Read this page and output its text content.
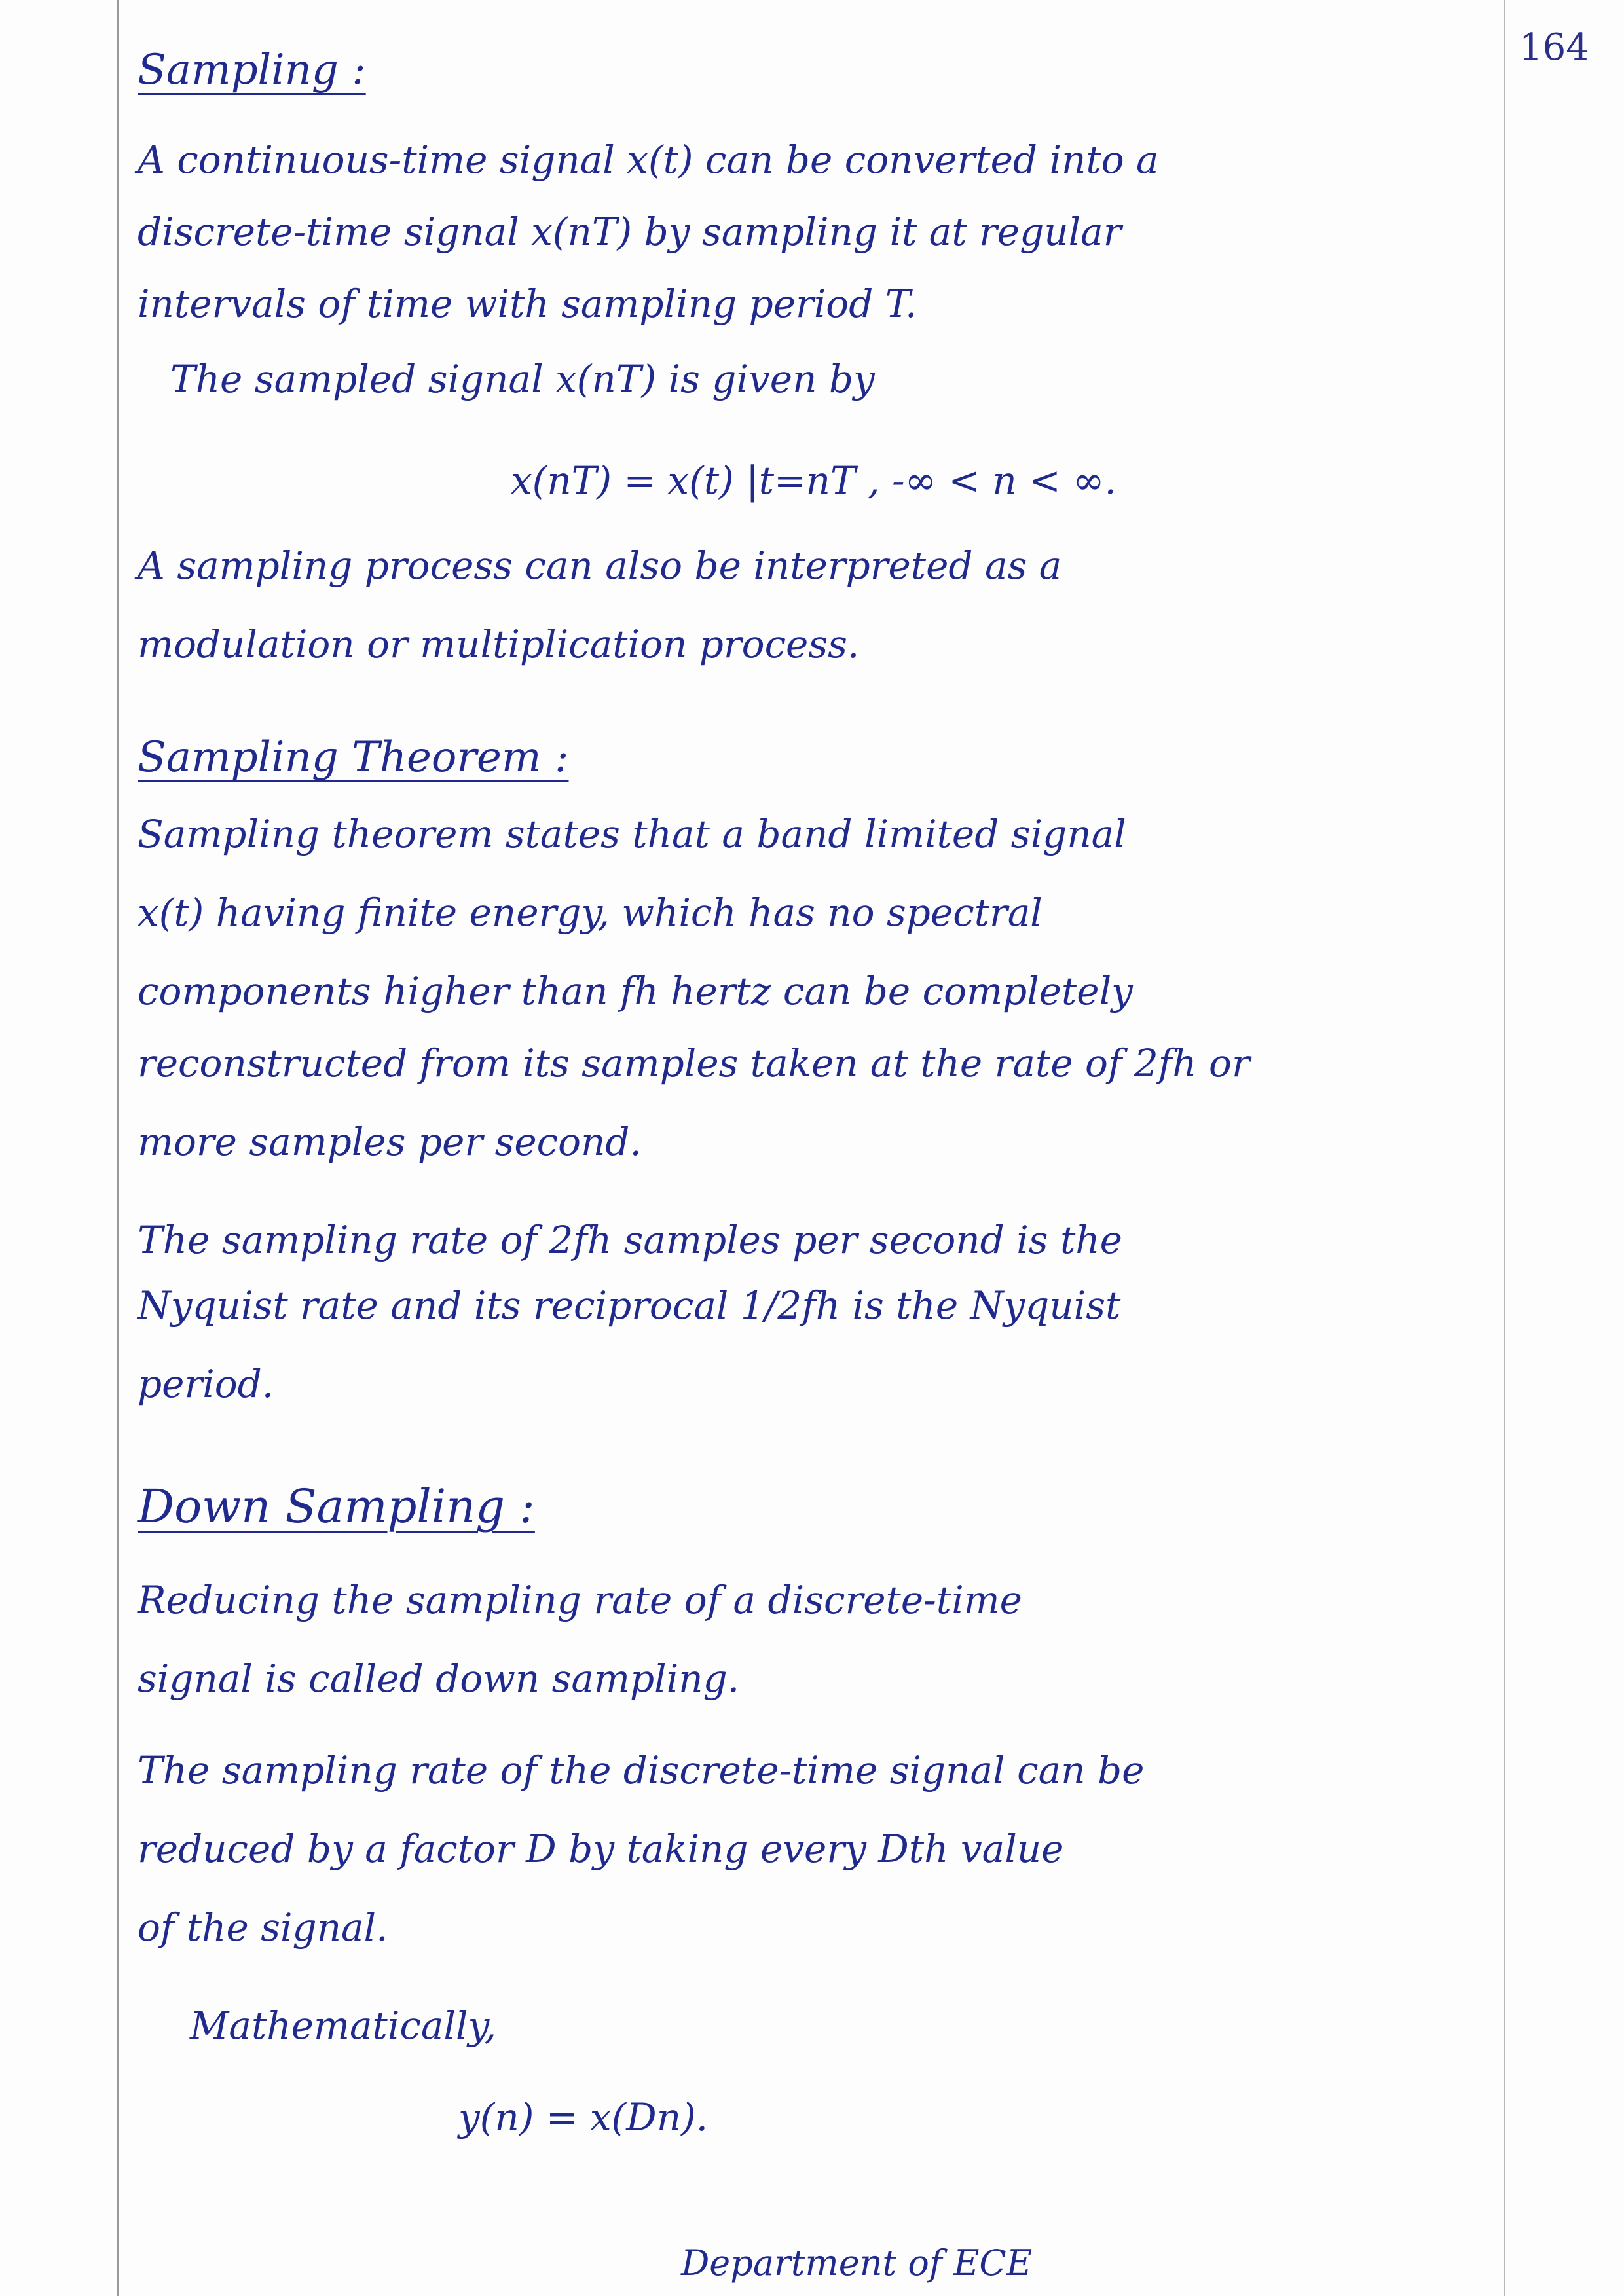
164
Sampling :
A continuous-time signal x(t) can be converted into a
discrete-time signal x(nT) by sampling it at regular
intervals of time with sampling period T.
The sampled signal x(nT) is given by
x(nT) = x(t) |t=nT , -∞ < n < ∞.
A sampling process can also be interpreted as a
modulation or multiplication process.
Sampling Theorem :
Sampling theorem states that a band limited signal
x(t) having finite energy, which has no spectral
components higher than fh hertz can be completely
reconstructed from its samples taken at the rate of 2fh or
more samples per second.
The sampling rate of 2fh samples per second is the
Nyquist rate and its reciprocal 1/2fh is the Nyquist
period.
Down Sampling :
Reducing the sampling rate of a discrete-time
signal is called down sampling.
The sampling rate of the discrete-time signal can be
reduced by a factor D by taking every Dth value
of the signal.
Mathematically,
y(n) = x(Dn).
Department of ECE
